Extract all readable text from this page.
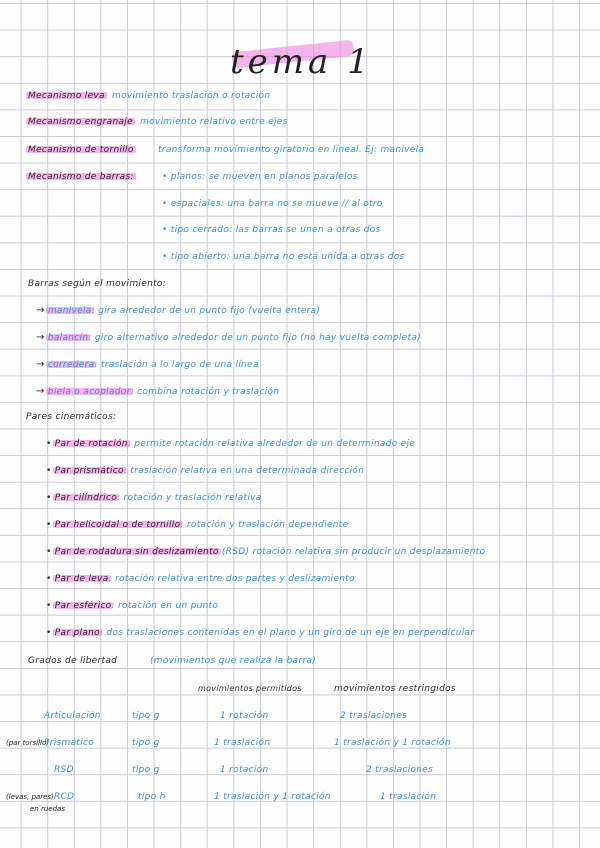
tema 1
Mecanismo leva movimiento traslación o rotación
Mecanismo engranaje movimiento relativo entre ejes
Mecanismo de tornillo	transforma movimiento giratorio en lineal. Ej: manivela
Mecanismo de barras:	• planos: se mueven en planos paralelos
• espaciales: una barra no se mueve // al otro
• tipo cerrado: las barras se unen a otras dos
• tipo abierto: una barra no está unida a otras dos
Barras según el movimiento:
→ manivela: gira alrededor de un punto fijo (vuelta entera)
→ balancín: giro alternativo alrededor de un punto fijo (no hay vuelta completa)
→ corredera: traslación a lo largo de una línea
→ biela o acoplador: combina rotación y traslación
Pares cinemáticos:
• Par de rotación: permite rotación relativa alrededor de un determinado eje
• Par prismático: traslación relativa en una determinada dirección
• Par cilíndrico: rotación y traslación relativa
• Par helicoidal o de tornillo: rotación y traslación dependiente
• Par de rodadura sin deslizamiento (RSD) rotación relativa sin producir un desplazamiento
• Par de leva: rotación relativa entre dos partes y deslizamiento
• Par esférico: rotación en un punto
• Par plano: dos traslaciones contenidas en el plano y un giro de un eje en perpendicular
Grados de libertad	(movimientos que realiza la barra)
movimientos permitidos	movimientos restringidos
Articulación	tipo g	1 rotación	2 traslaciones
(par torsillo)
Prismático	tipo g	1 traslación	1 traslación y 1 rotación
RSD	tipo g	1 rotación	2 traslaciones
(levas, pares)
en ruedas
RCD	tipo h	1 traslación y 1 rotación	1 traslación
